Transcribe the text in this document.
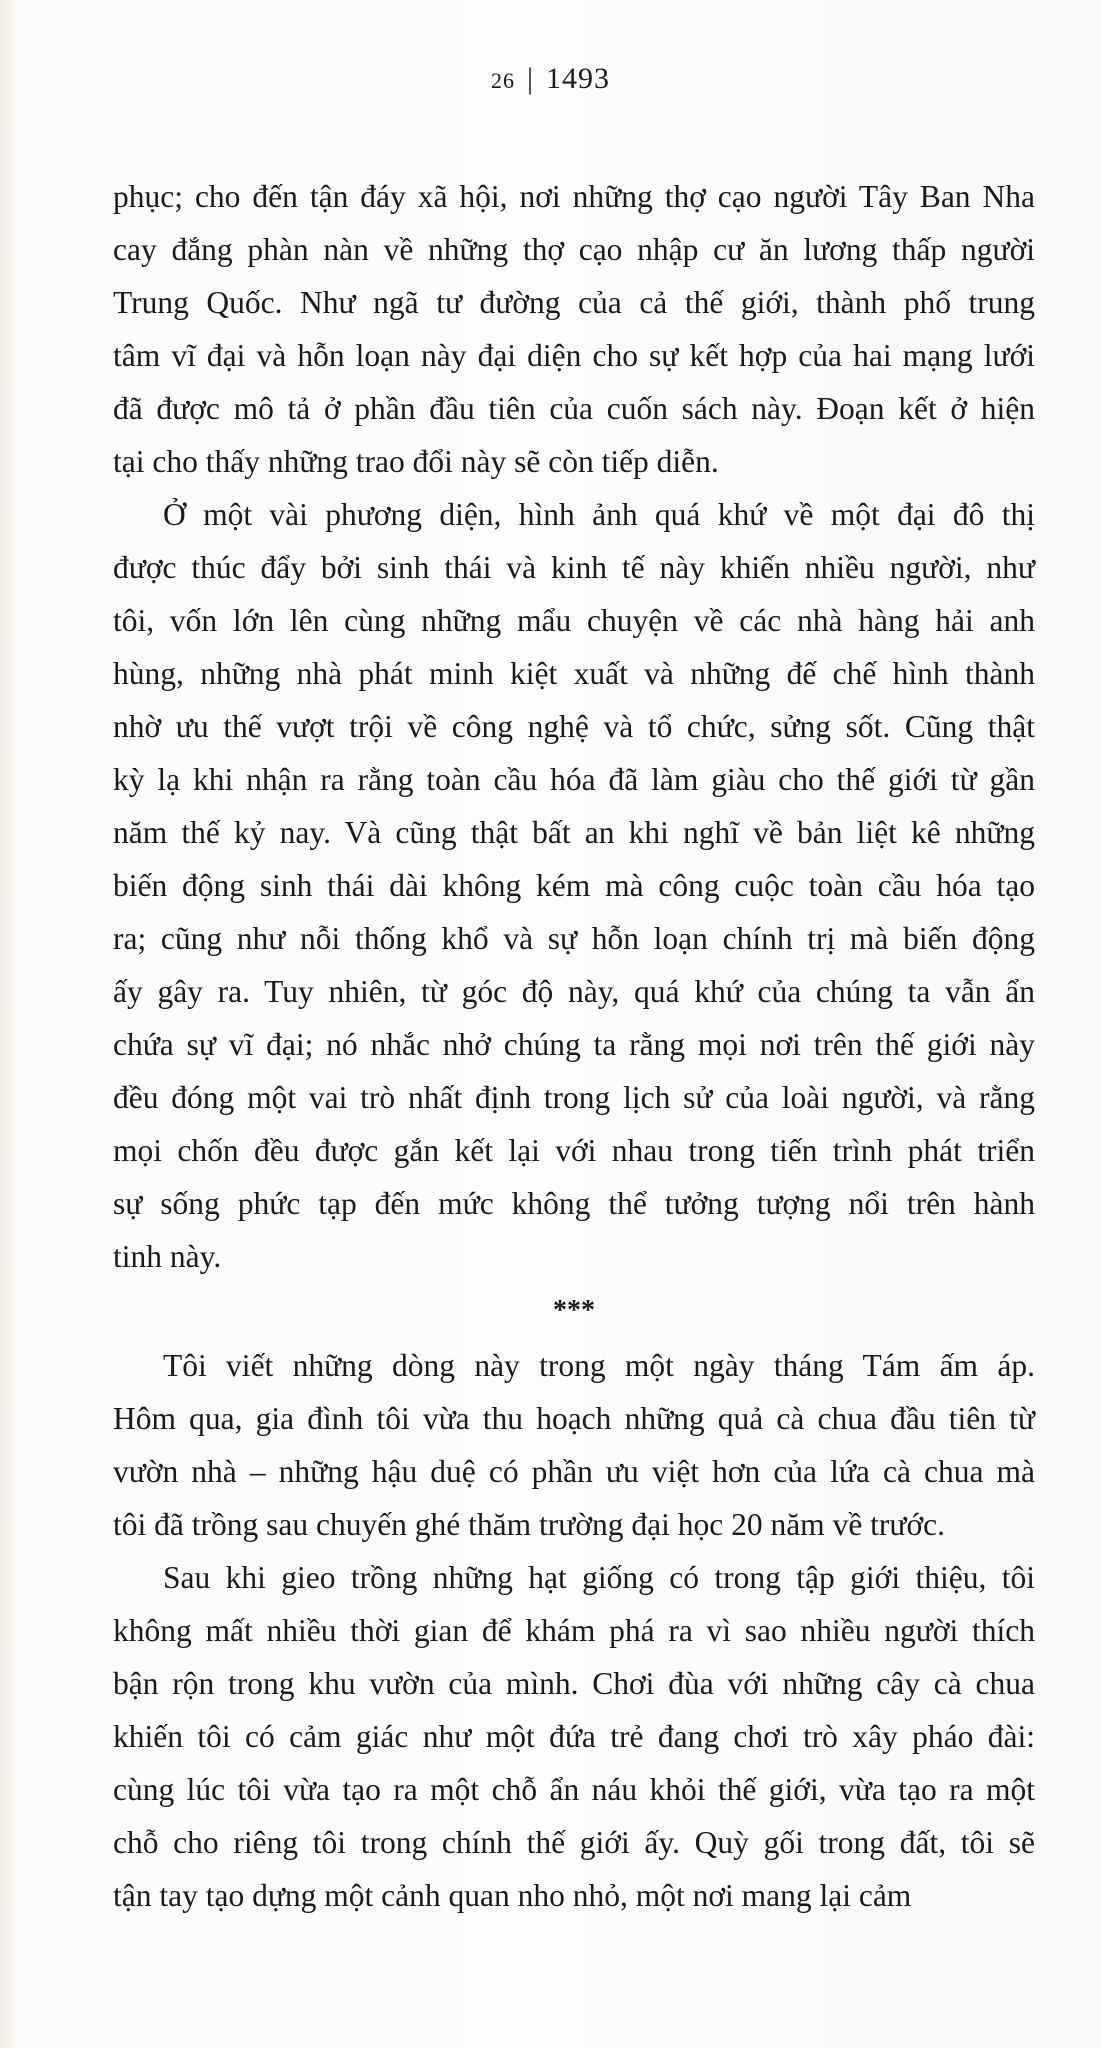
26 | 1493
phục; cho đến tận đáy xã hội, nơi những thợ cạo người Tây Ban Nha
cay đắng phàn nàn về những thợ cạo nhập cư ăn lương thấp người
Trung Quốc. Như ngã tư đường của cả thế giới, thành phố trung
tâm vĩ đại và hỗn loạn này đại diện cho sự kết hợp của hai mạng lưới
đã được mô tả ở phần đầu tiên của cuốn sách này. Đoạn kết ở hiện
tại cho thấy những trao đổi này sẽ còn tiếp diễn.
Ở một vài phương diện, hình ảnh quá khứ về một đại đô thị
được thúc đẩy bởi sinh thái và kinh tế này khiến nhiều người, như
tôi, vốn lớn lên cùng những mẩu chuyện về các nhà hàng hải anh
hùng, những nhà phát minh kiệt xuất và những đế chế hình thành
nhờ ưu thế vượt trội về công nghệ và tổ chức, sửng sốt. Cũng thật
kỳ lạ khi nhận ra rằng toàn cầu hóa đã làm giàu cho thế giới từ gần
năm thế kỷ nay. Và cũng thật bất an khi nghĩ về bản liệt kê những
biến động sinh thái dài không kém mà công cuộc toàn cầu hóa tạo
ra; cũng như nỗi thống khổ và sự hỗn loạn chính trị mà biến động
ấy gây ra. Tuy nhiên, từ góc độ này, quá khứ của chúng ta vẫn ẩn
chứa sự vĩ đại; nó nhắc nhở chúng ta rằng mọi nơi trên thế giới này
đều đóng một vai trò nhất định trong lịch sử của loài người, và rằng
mọi chốn đều được gắn kết lại với nhau trong tiến trình phát triển
sự sống phức tạp đến mức không thể tưởng tượng nổi trên hành
tinh này.
***
Tôi viết những dòng này trong một ngày tháng Tám ấm áp.
Hôm qua, gia đình tôi vừa thu hoạch những quả cà chua đầu tiên từ
vườn nhà – những hậu duệ có phần ưu việt hơn của lứa cà chua mà
tôi đã trồng sau chuyến ghé thăm trường đại học 20 năm về trước.
Sau khi gieo trồng những hạt giống có trong tập giới thiệu, tôi
không mất nhiều thời gian để khám phá ra vì sao nhiều người thích
bận rộn trong khu vườn của mình. Chơi đùa với những cây cà chua
khiến tôi có cảm giác như một đứa trẻ đang chơi trò xây pháo đài:
cùng lúc tôi vừa tạo ra một chỗ ẩn náu khỏi thế giới, vừa tạo ra một
chỗ cho riêng tôi trong chính thế giới ấy. Quỳ gối trong đất, tôi sẽ
tận tay tạo dựng một cảnh quan nho nhỏ, một nơi mang lại cảm
